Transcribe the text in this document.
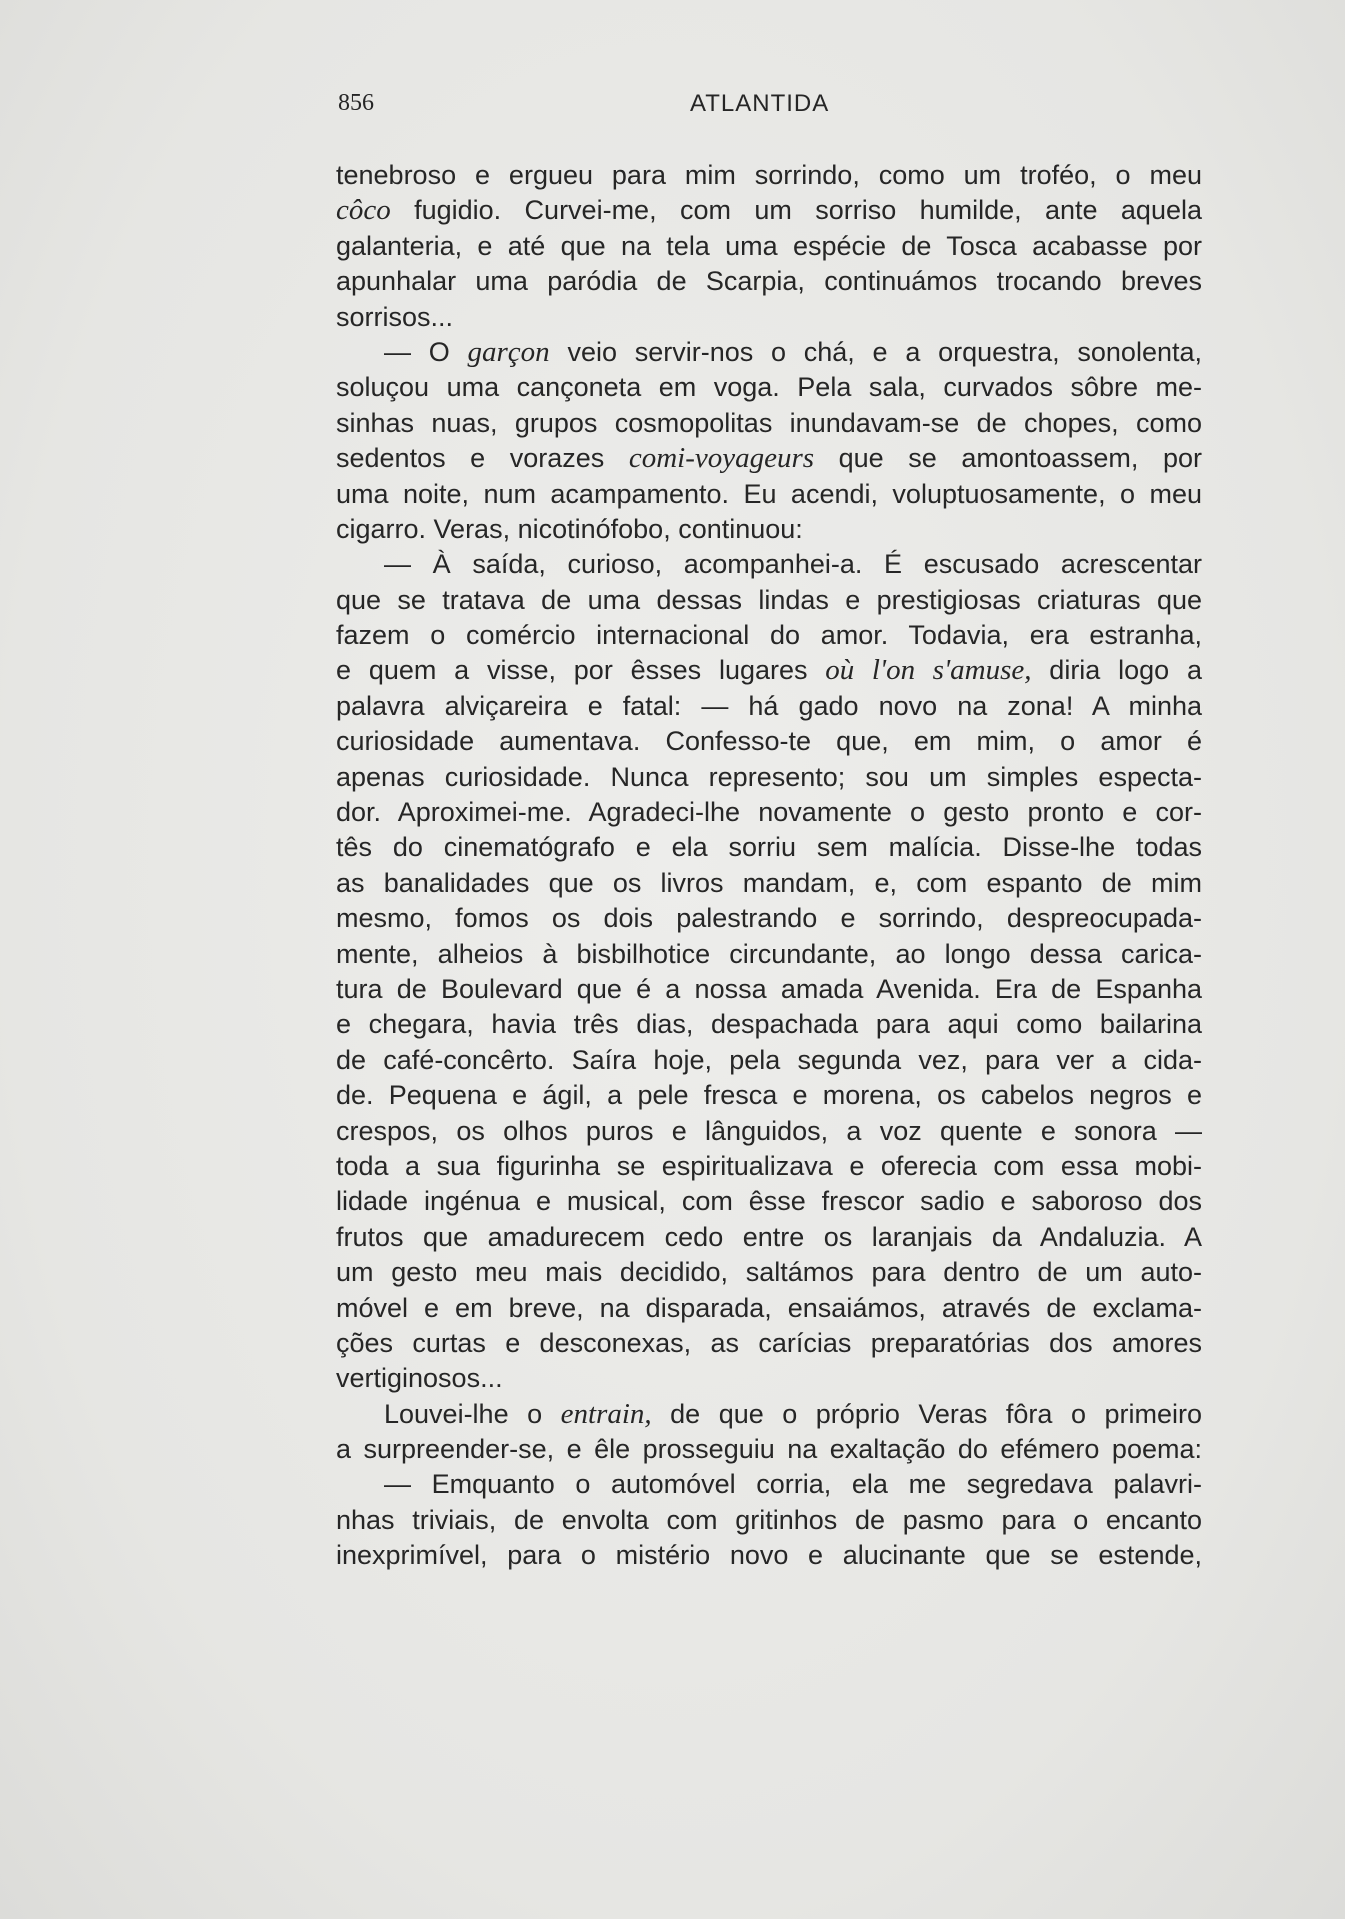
856	ATLANTIDA
tenebroso e ergueu para mim sorrindo, como um troféo, o meu
côco fugidio. Curvei-me, com um sorriso humilde, ante aquela
galanteria, e até que na tela uma espécie de Tosca acabasse por
apunhalar uma paródia de Scarpia, continuámos trocando breves
sorrisos...
— O garçon veio servir-nos o chá, e a orquestra, sonolenta,
soluçou uma cançoneta em voga. Pela sala, curvados sôbre me-
sinhas nuas, grupos cosmopolitas inundavam-se de chopes, como
sedentos e vorazes comi-voyageurs que se amontoassem, por
uma noite, num acampamento. Eu acendi, voluptuosamente, o meu
cigarro. Veras, nicotinófobo, continuou:
— À saída, curioso, acompanhei-a. É escusado acrescentar
que se tratava de uma dessas lindas e prestigiosas criaturas que
fazem o comércio internacional do amor. Todavia, era estranha,
e quem a visse, por êsses lugares où l'on s'amuse, diria logo a
palavra alviçareira e fatal: — há gado novo na zona! A minha
curiosidade aumentava. Confesso-te que, em mim, o amor é
apenas curiosidade. Nunca represento; sou um simples especta-
dor. Aproximei-me. Agradeci-lhe novamente o gesto pronto e cor-
tês do cinematógrafo e ela sorriu sem malícia. Disse-lhe todas
as banalidades que os livros mandam, e, com espanto de mim
mesmo, fomos os dois palestrando e sorrindo, despreocupada-
mente, alheios à bisbilhotice circundante, ao longo dessa carica-
tura de Boulevard que é a nossa amada Avenida. Era de Espanha
e chegara, havia três dias, despachada para aqui como bailarina
de café-concêrto. Saíra hoje, pela segunda vez, para ver a cida-
de. Pequena e ágil, a pele fresca e morena, os cabelos negros e
crespos, os olhos puros e lânguidos, a voz quente e sonora —
toda a sua figurinha se espiritualizava e oferecia com essa mobi-
lidade ingénua e musical, com êsse frescor sadio e saboroso dos
frutos que amadurecem cedo entre os laranjais da Andaluzia. A
um gesto meu mais decidido, saltámos para dentro de um auto-
móvel e em breve, na disparada, ensaiámos, através de exclama-
ções curtas e desconexas, as carícias preparatórias dos amores
vertiginosos...
Louvei-lhe o entrain, de que o próprio Veras fôra o primeiro
a surpreender-se, e êle prosseguiu na exaltação do efémero poema:
— Emquanto o automóvel corria, ela me segredava palavri-
nhas triviais, de envolta com gritinhos de pasmo para o encanto
inexprimível, para o mistério novo e alucinante que se estende,
